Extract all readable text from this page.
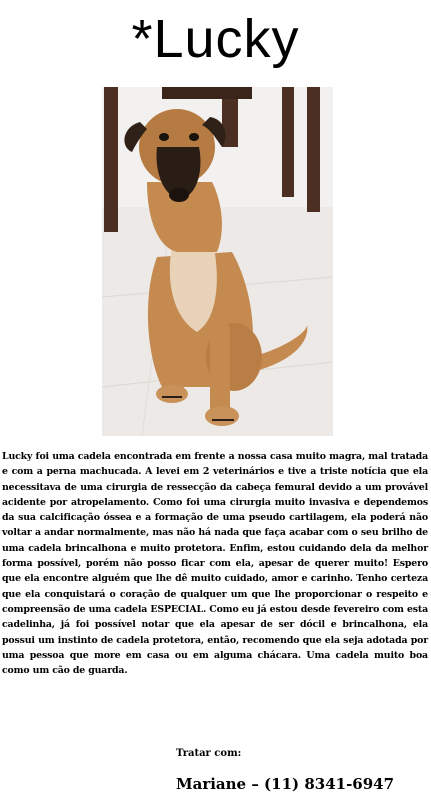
*Lucky
Lucky foi uma cadela encontrada em frente a nossa casa muito magra, mal tratada e com a perna machucada. A levei em 2 veterinários e tive a triste notícia que ela necessitava de uma cirurgia de ressecção da cabeça femural devido a um provável acidente por atropelamento. Como foi uma cirurgia muito invasiva e dependemos da sua calcificação óssea e a formação de uma pseudo cartilagem, ela poderá não voltar a andar normalmente, mas não há nada que faça acabar com o seu brilho de uma cadela brincalhona e muito protetora. Enfim, estou cuidando dela da melhor forma possível, porém não posso ficar com ela, apesar de querer muito! Espero que ela encontre alguém que lhe dê muito cuidado, amor e carinho. Tenho certeza que ela conquistará o coração de qualquer um que lhe proporcionar o respeito e compreensão de uma cadela ESPECIAL. Como eu já estou desde fevereiro com esta cadelinha, já foi possível notar que ela apesar de ser dócil e brincalhona, ela possui um instinto de cadela protetora, então, recomendo que ela seja adotada por uma pessoa que more em casa ou em alguma chácara. Uma cadela muito boa como um cão de guarda.
Tratar com:
Mariane – (11) 8341-6947
